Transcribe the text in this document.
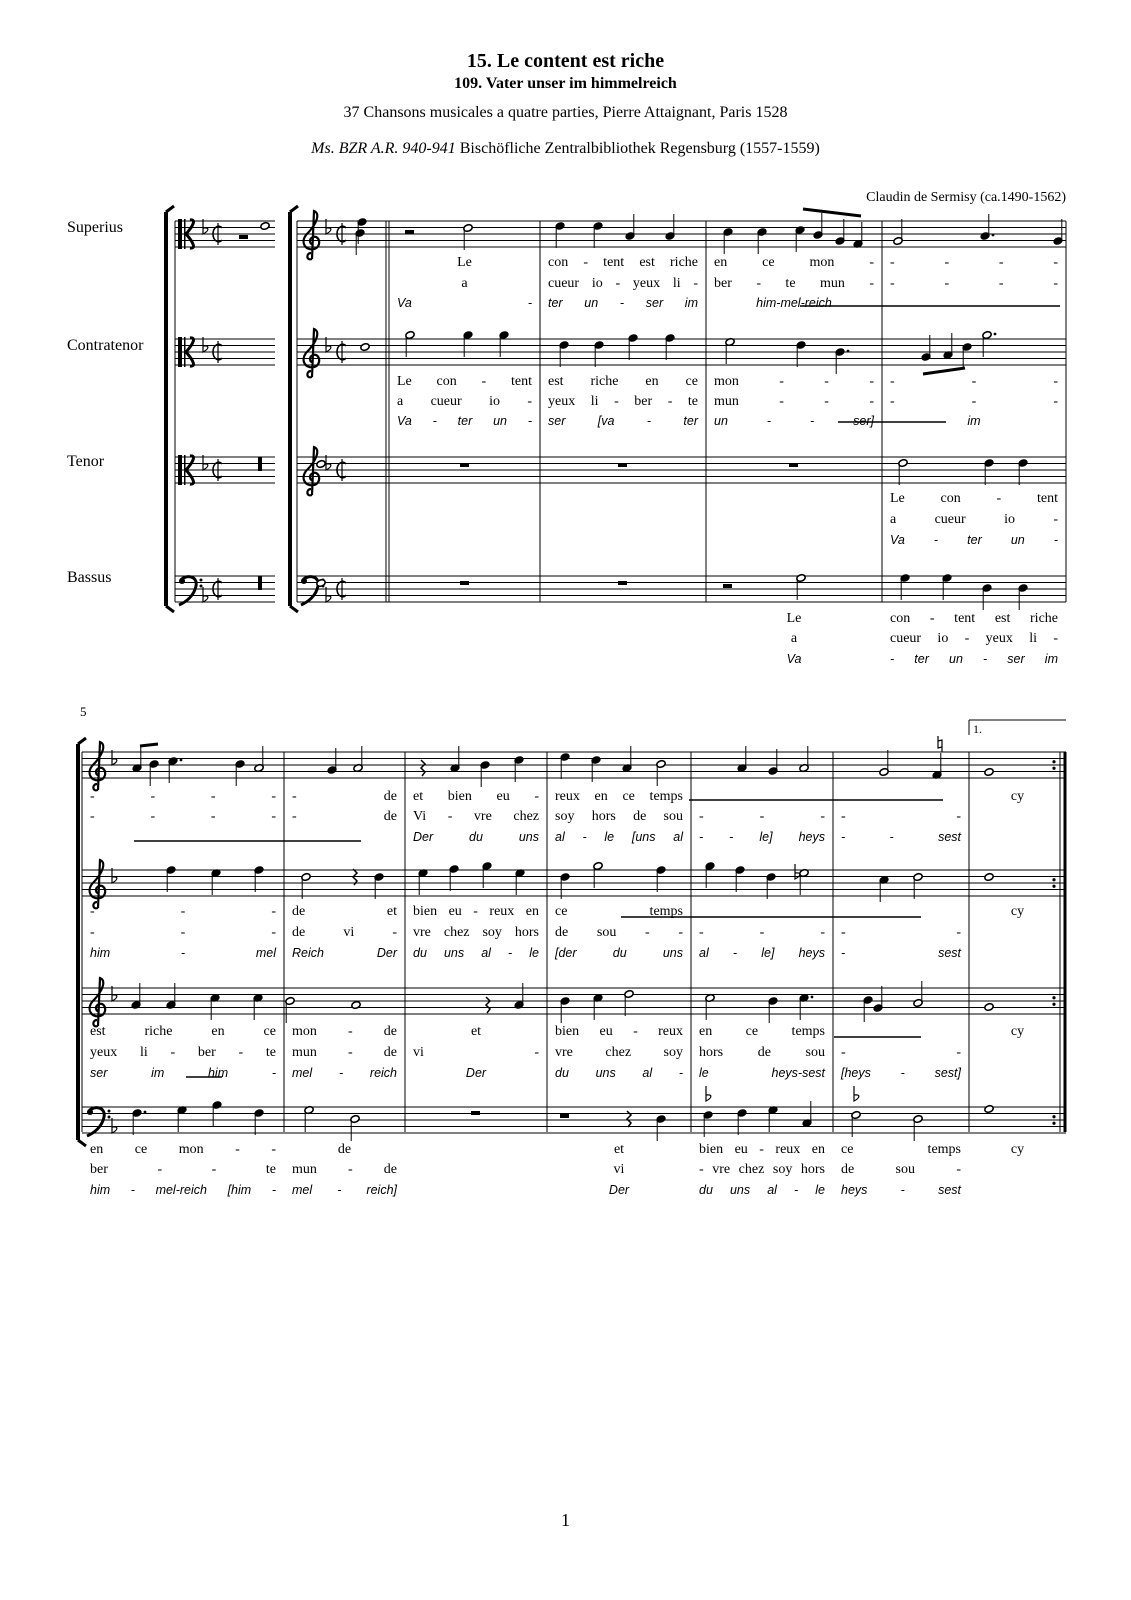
15. Le content est riche
109. Vater unser im himmelreich
37 Chansons musicales a quatre parties, Pierre Attaignant, Paris 1528
Ms. BZR A.R. 940-941 Bischöfliche Zentralbibliothek Regensburg (1557-1559)
Claudin de Sermisy (ca.1490-1562)
Superius
Contratenor
Tenor
Bassus
5
1.
1
Le	con - tent est riche en ce mon - - - - -
a	cueur io - yeux li - ber - te mun - - - - -
Va - ter un - ser im	him-mel-reich
Le con - tent est riche en ce mon - - - - - -
a cueur io - yeux li - ber - te mun - - - - - -
Va - ter un - ser [va - ter un - - ser]	im
Le con - tent
a cueur io -
Va - ter un -
Le	con - tent est riche
a	cueur io - yeux li -
Va	- ter un - ser im
- - - - - de et bien eu - reux en ce temps	cy
- - - - - de Vi - vre chez soy hors de sou - - - - -
Der du uns al - le [uns al - - le] heys - - sest
- - - de et bien eu - reux en ce temps	cy
- - - de vi - vre chez soy hors de sou - - - - - - -
him - mel Reich Der du uns al - le [der du uns al - le] heys - sest
est riche en ce mon - de	et	bien eu - reux en ce temps	cy
yeux li - ber - te mun - de vi - vre chez soy hors de sou - -
ser im him - mel - reich	Der	du uns al - le heys-sest [heys - sest]
en ce mon - -	de	et	bien eu - reux en ce temps	cy
ber - - te mun - de	vi	- vre chez soy hors de sou -
him - mel-reich [him - mel - reich]	Der	du uns al - le heys - sest
